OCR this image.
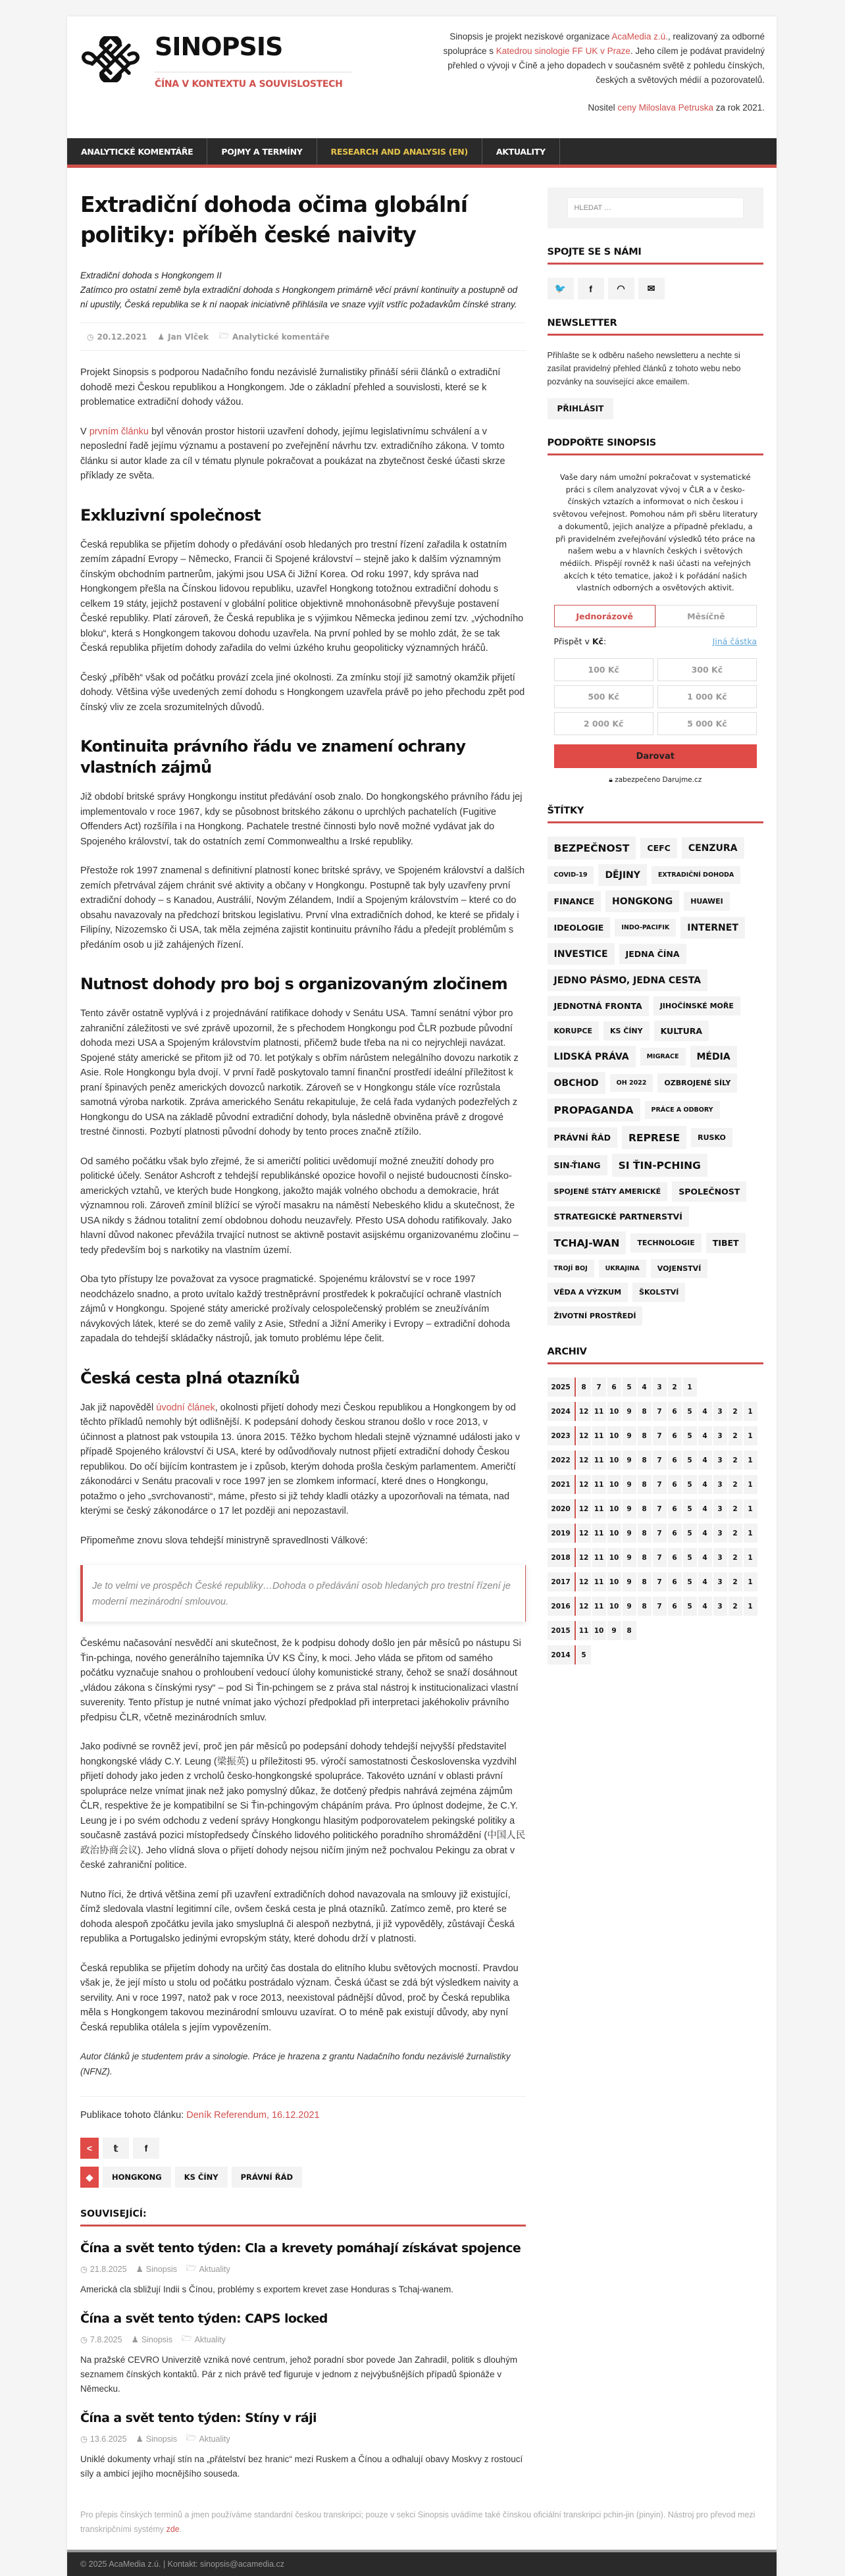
SINOPSIS
ČÍNA V KONTEXTU A SOUVISLOSTECH

Sinopsis je projekt neziskové organizace AcaMedia z.ú., realizovaný za odborné spolupráce s Katedrou sinologie FF UK v Praze. Jeho cílem je podávat pravidelný přehled o vývoji v Číně a jeho dopadech v současném světě z pohledu čínských, českých a světových médií a pozorovatelů.

Nositel ceny Miloslava Petruska za rok 2021.

ANALYTICKÉ KOMENTÁŘE	POJMY A TERMÍNY	RESEARCH AND ANALYSIS (EN)	AKTUALITY
Extradiční dohoda očima globální politiky: příběh české naivity
Extradiční dohoda s Hongkongem II
Zatímco pro ostatní země byla extradiční dohoda s Hongkongem primárně věcí právní kontinuity a postupně od ní upustily, Česká republika se k ní naopak iniciativně přihlásila ve snaze vyjít vstříc požadavkům čínské strany.
◷ 20.12.2021 ♟ Jan Vlček 🗁 Analytické komentáře

Projekt Sinopsis s podporou Nadačního fondu nezávislé žurnalistiky přináší sérii článků o extradiční dohodě mezi Českou republikou a Hongkongem. Jde o základní přehled a souvislosti, které se k problematice extradiční dohody vážou.

V prvním článku byl věnován prostor historii uzavření dohody, jejímu legislativnímu schválení a v neposlední řadě jejímu významu a postavení po zveřejnění návrhu tzv. extradičního zákona. V tomto článku si autor klade za cíl v tématu plynule pokračovat a poukázat na zbytečnost české účasti skrze příklady ze světa.

Exkluzivní společnost

Česká republika se přijetím dohody o předávání osob hledaných pro trestní řízení zařadila k ostatním zemím západní Evropy – Německo, Francii či Spojené království – stejně jako k dalším významným čínským obchodním partnerům, jakými jsou USA či Jižní Korea. Od roku 1997, kdy správa nad Hongkongem přešla na Čínskou lidovou republiku, uzavřel Hongkong totožnou extradiční dohodu s celkem 19 státy, jejichž postavení v globální politice objektivně mnohonásobně převyšuje postavení České republiky. Platí zároveň, že Česká republika je s výjimkou Německa jedinou zemí tzv. „východního bloku“, která s Hongkongem takovou dohodu uzavřela. Na první pohled by se mohlo zdát, že se tak Česká republika přijetím dohody zařadila do velmi úzkého kruhu geopoliticky významných hráčů.

Český „příběh“ však od počátku provází zcela jiné okolnosti. Za zmínku stojí již samotný okamžik přijetí dohody. Většina výše uvedených zemí dohodu s Hongkongem uzavřela právě po jeho přechodu zpět pod čínský vliv ze zcela srozumitelných důvodů.

Kontinuita právního řádu ve znamení ochrany vlastních zájmů

Již období britské správy Hongkongu institut předávání osob znalo. Do hongkongského právního řádu jej implementovalo v roce 1967, kdy se působnost britského zákonu o uprchlých pachatelích (Fugitive Offenders Act) rozšířila i na Hongkong. Pachatele trestné činnosti bylo nově možné vydávat jak do Spojeného království, tak do ostatních zemí Commonwealthu a Irské republiky.

Přestože rok 1997 znamenal s definitivní platností konec britské správy, ve Spojeném království a dalších zemích přetrvával zájem chránit své aktivity a občany v Hongkongu. Postupně tak byly uzavřeny první extradiční dohody – s Kanadou, Austrálií, Novým Zélandem, Indií a Spojeným královstvím – které co do obsahu navazovaly na předchozí britskou legislativu. První vlna extradičních dohod, ke které se přidaly i Filipíny, Nizozemsko či USA, tak měla zejména zajistit kontinuitu právního řádu a předejít problémům s předáním osob u již zahájených řízení.

Nutnost dohody pro boj s organizovaným zločinem

Tento závěr ostatně vyplývá i z projednávání ratifikace dohody v Senátu USA. Tamní senátní výbor pro zahraniční záležitosti ve své zprávě upozornil, že s přechodem Hongkongu pod ČLR pozbude původní dohoda mezi USA a Spojeným královstvím platnosti, přičemž bude třeba na ni co nejrychleji navázat. Spojené státy americké se přitom již od 70. let potýkaly s obřím nárůstem nelegálního dovozu narkotik z Asie. Role Hongkongu byla dvojí. V první řadě poskytovalo tamní finanční prostředí ideální příležitost k praní špinavých peněz amerických dovozců narkotik. Zároveň se v Hongkongu stále více rozrůstala samotná výroba narkotik. Zpráva amerického Senátu rekapituluje, že celá řada vydaných podezřelých z Hongkongu do USA na základě původní extradiční dohody, byla následně obviněna právě z drogové trestné činnosti. Pozbytí platnosti původní dohody by tento proces značně ztížilo.

Od samého počátku však bylo zřejmé, že si američtí politici uvědomují možné zneužití dohody pro politické účely. Senátor Ashcroft z tehdejší republikánské opozice hovořil o nejisté budoucnosti čínsko-amerických vztahů, ve kterých bude Hongkong, jakožto maják volného obchodu a demokracie, hrát významnou roli. Zároveň zmínil blížící se výročí masakru na náměstí Nebeského klidu a skutečnost, že USA nikdy s žádnou totalitní zemí obdobnou dohodu neuzavřely. Přesto USA dohodu ratifikovaly. Jako hlavní důvod nakonec převážila trvající nutnost se aktivně postavit asijskému organizovanému zločinu – tedy především boj s narkotiky na vlastním území.

Oba tyto přístupy lze považovat za vysoce pragmatické. Spojenému království se v roce 1997 neodcházelo snadno, a proto uvítalo každý trestněprávní prostředek k pokračující ochraně vlastních zájmů v Hongkongu. Spojené státy americké prožívaly celospolečenský problém se zneužíváním návykových látek, které se do země valily z Asie, Střední a Jižní Ameriky i Evropy – extradiční dohoda zapadala do tehdejší skládačky nástrojů, jak tomuto problému lépe čelit.

Česká cesta plná otazníků

Jak již napověděl úvodní článek, okolnosti přijetí dohody mezi Českou republikou a Hongkongem by od těchto příkladů nemohly být odlišnější. K podepsání dohody českou stranou došlo v roce 2013, v účinnost a platnost pak vstoupila 13. února 2015. Těžko bychom hledali stejně významné události jako v případě Spojeného království či USA, které by odůvodňovaly nutnost přijetí extradiční dohody Českou republikou. Do očí bijícím kontrastem je i způsob, kterým dohoda prošla českým parlamentem. Američtí zákonodárci v Senátu pracovali v roce 1997 jen se zlomkem informací, které dnes o Hongkongu, potažmo o jeho „svrchovanosti“, máme, přesto si již tehdy kladli otázky a upozorňovali na témata, nad kterými se český zákonodárce o 17 let později ani nepozastavil.

Připomeňme znovu slova tehdejší ministryně spravedlnosti Válkové:

Je to velmi ve prospěch České republiky…Dohoda o předávání osob hledaných pro trestní řízení je moderní mezinárodní smlouvou.

Českému načasování nesvědčí ani skutečnost, že k podpisu dohody došlo jen pár měsíců po nástupu Si Ťin-pchinga, nového generálního tajemníka ÚV KS Číny, k moci. Jeho vláda se přitom od samého počátku vyznačuje snahou o prohloubení vedoucí úlohy komunistické strany, čehož se snaží dosáhnout „vládou zákona s čínskými rysy“ – pod Si Ťin-pchingem se z práva stal nástroj k institucionalizaci vlastní suverenity. Tento přístup je nutné vnímat jako výchozí předpoklad při interpretaci jakéhokoliv právního předpisu ČLR, včetně mezinárodních smluv.

Jako podivné se rovněž jeví, proč jen pár měsíců po podepsání dohody tehdejší nejvyšší představitel hongkongské vlády C.Y. Leung (梁振英) u příležitosti 95. výročí samostatnosti Československa vyzdvihl přijetí dohody jako jeden z vrcholů česko-hongkongské spolupráce. Takovéto uznání v oblasti právní spolupráce nelze vnímat jinak než jako pomyslný důkaz, že dotčený předpis nahrává zejména zájmům ČLR, respektive že je kompatibilní se Si Ťin-pchingovým chápáním práva. Pro úplnost dodejme, že C.Y. Leung je i po svém odchodu z vedení správy Hongkongu hlasitým podporovatelem pekingské politiky a současně zastává pozici místopředsedy Čínského lidového politického poradního shromáždění (中国人民政治协商会议). Jeho vlídná slova o přijetí dohody nejsou ničím jiným než pochvalou Pekingu za obrat v české zahraniční politice.

Nutno říci, že drtivá většina zemí při uzavření extradičních dohod navazovala na smlouvy již existující, čímž sledovala vlastní legitimní cíle, ovšem česká cesta je plná otazníků. Zatímco země, pro které se dohoda alespoň zpočátku jevila jako smysluplná či alespoň nezbytná, ji již vypověděly, zůstávají Česká republika a Portugalsko jedinými evropským státy, které dohodu drží v platnosti.

Česká republika se přijetím dohody na určitý čas dostala do elitního klubu světových mocností. Pravdou však je, že její místo u stolu od počátku postrádalo význam. Česká účast se zdá být výsledkem naivity a servility. Ani v roce 1997, natož pak v roce 2013, neexistoval pádnější důvod, proč by Česká republika měla s Hongkongem takovou mezinárodní smlouvu uzavírat. O to méně pak existují důvody, aby nyní Česká republika otálela s jejím vypovězením.

Autor článků je studentem práv a sinologie. Práce je hrazena z grantu Nadačního fondu nezávislé žurnalistiky (NFNZ).

Publikace tohoto článku: Deník Referendum, 16.12.2021
<	𝕥	f
◆	HONGKONG	KS ČÍNY	PRÁVNÍ ŘÁD
SOUVISEJÍCÍ:
Čína a svět tento týden: Cla a krevety pomáhají získávat spojence
◷ 21.8.2025 ♟ Sinopsis 🗁 Aktuality
Americká cla sbližují Indii s Čínou, problémy s exportem krevet zase Honduras s Tchaj-wanem.
Čína a svět tento týden: CAPS locked
◷ 7.8.2025 ♟ Sinopsis 🗁 Aktuality
Na pražské CEVRO Univerzitě vzniká nové centrum, jehož poradní sbor povede Jan Zahradil, politik s dlouhým seznamem čínských kontaktů. Pár z nich právě teď figuruje v jednom z nejvýbušnějších případů špionáže v Německu.
Čína a svět tento týden: Stíny v ráji
◷ 13.6.2025 ♟ Sinopsis 🗁 Aktuality
Uniklé dokumenty vrhají stín na „přátelství bez hranic“ mezi Ruskem a Čínou a odhalují obavy Moskvy z rostoucí síly a ambicí jejího mocnějšího souseda.
HLEDAT …
SPOJTE SE S NÁMI
🐦 f	◠ ✉
NEWSLETTER
Přihlašte se k odběru našeho newsletteru a nechte si zasílat pravidelný přehled článků z tohoto webu nebo pozvánky na související akce emailem.
PŘIHLÁSIT
PODPOŘTE SINOPSIS
Vaše dary nám umožní pokračovat v systematické práci s cílem analyzovat vývoj v ČLR a v česko-čínských vztazích a informovat o nich českou i světovou veřejnost. Pomohou nám při sběru literatury a dokumentů, jejich analýze a případně překladu, a při pravidelném zveřejňování výsledků této práce na našem webu a v hlavních českých i světových médiích. Přispějí rovněž k naši účasti na veřejných akcích k této tematice, jakož i k pořádání našich vlastních odborných a osvětových aktivit.
Jednorázově	Měsíčně
Přispět v Kč:	Jiná částka
100 Kč	300 Kč
500 Kč	1 000 Kč
2 000 Kč	5 000 Kč
Darovat
🔒︎ zabezpečeno Darujme.cz
ŠTÍTKY
BEZPEČNOST	CEFC	CENZURA
COVID-19	DĚJINY	EXTRADIČNÍ DOHODA
FINANCE	HONGKONG	HUAWEI
IDEOLOGIE	INDO-PACIFIK	INTERNET
INVESTICE	JEDNA ČÍNA
JEDNO PÁSMO, JEDNA CESTA
JEDNOTNÁ FRONTA	JIHOČÍNSKÉ MOŘE
KORUPCE	KS ČÍNY	KULTURA
LIDSKÁ PRÁVA	MIGRACE	MÉDIA
OBCHOD	OH 2022	OZBROJENÉ SÍLY
PROPAGANDA	PRÁCE A ODBORY
PRÁVNÍ ŘÁD	REPRESE	RUSKO
SIN-ŤIANG	SI ŤIN-PCHING
SPOJENÉ STÁTY AMERICKÉ	SPOLEČNOST
STRATEGICKÉ PARTNERSTVÍ
TCHAJ-WAN	TECHNOLOGIE	TIBET
TROJÍ BOJ	UKRAJINA	VOJENSTVÍ
VĚDA A VÝZKUM	ŠKOLSTVÍ
ŽIVOTNÍ PROSTŘEDÍ
ARCHIV
2025	8	7	6	5	4	3	2	1
2024	12 11 10	9	8	7	6	5	4	3	2	1
2023	12 11 10	9	8	7	6	5	4	3	2	1
2022	12 11 10	9	8	7	6	5	4	3	2	1
2021	12 11 10	9	8	7	6	5	4	3	2	1
2020	12 11 10	9	8	7	6	5	4	3	2	1
2019	12 11 10	9	8	7	6	5	4	3	2	1
2018	12 11 10	9	8	7	6	5	4	3	2	1
2017	12 11 10	9	8	7	6	5	4	3	2	1
2016	12 11 10	9	8	7	6	5	4	3	2	1
2015	11 10	9	8
2014	5
Pro přepis čínských termínů a jmen používáme standardní českou transkripci; pouze v sekci Sinopsis uvádíme také čínskou oficiální transkripci pchin-jin (pinyin). Nástroj pro převod mezi transkripčními systémy zde.
© 2025 AcaMedia z.ú. | Kontakt: sinopsis@acamedia.cz
